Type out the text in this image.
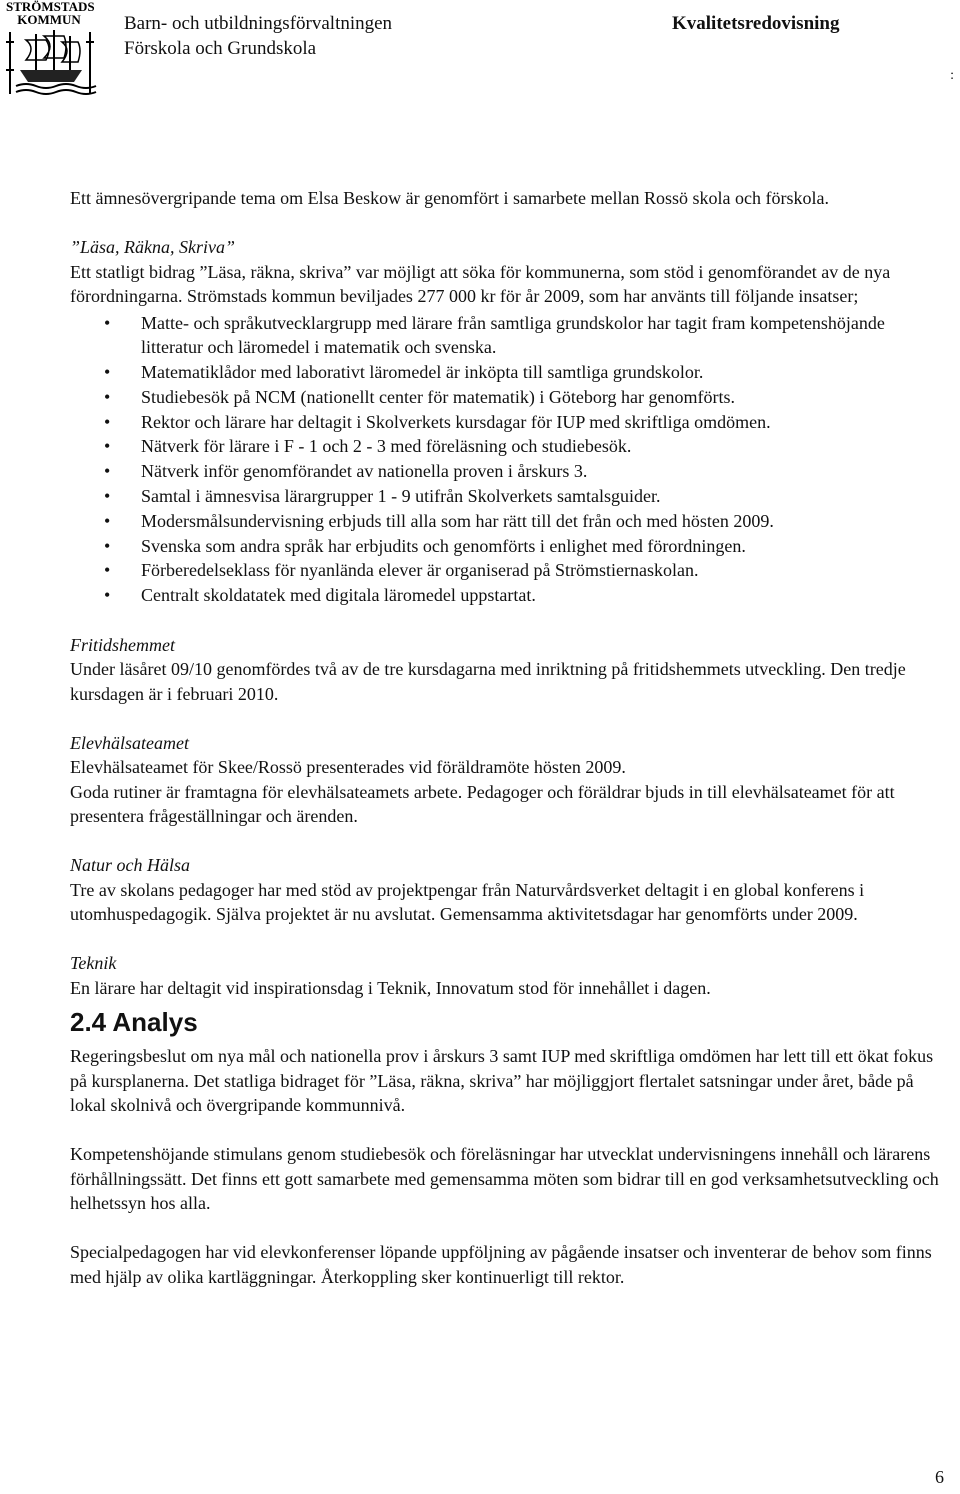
STRÖMSTADS
KOMMUN	Barn- och utbildningsförvaltningen
Förskola och Grundskola
Kvalitetsredovisning
:

Ett ämnesövergripande tema om Elsa Beskow är genomfört i samarbete mellan Rossö skola och förskola.

”Läsa, Räkna, Skriva”

Ett statligt bidrag ”Läsa, räkna, skriva” var möjligt att söka för kommunerna, som stöd i genomförandet av de nya förordningarna. Strömstads kommun beviljades 277 000 kr för år 2009, som har använts till följande insatser;

• Matte- och språkutvecklargrupp med lärare från samtliga grundskolor har tagit fram kompetenshöjande litteratur och läromedel i matematik och svenska.
• Matematiklådor med laborativt läromedel är inköpta till samtliga grundskolor.
• Studiebesök på NCM (nationellt center för matematik) i Göteborg har genomförts.
• Rektor och lärare har deltagit i Skolverkets kursdagar för IUP med skriftliga omdömen.
• Nätverk för lärare i F - 1 och 2 - 3 med föreläsning och studiebesök.
• Nätverk inför genomförandet av nationella proven i årskurs 3.
• Samtal i ämnesvisa lärargrupper 1 - 9 utifrån Skolverkets samtalsguider.
• Modersmålsundervisning erbjuds till alla som har rätt till det från och med hösten 2009.
• Svenska som andra språk har erbjudits och genomförts i enlighet med förordningen.
• Förberedelseklass för nyanlända elever är organiserad på Strömstiernaskolan.
• Centralt skoldatatek med digitala läromedel uppstartat.

Fritidshemmet

Under läsåret 09/10 genomfördes två av de tre kursdagarna med inriktning på fritidshemmets utveckling. Den tredje kursdagen är i februari 2010.

Elevhälsateamet

Elevhälsateamet för Skee/Rossö presenterades vid föräldramöte hösten 2009.

Goda rutiner är framtagna för elevhälsateamets arbete. Pedagoger och föräldrar bjuds in till elevhälsateamet för att presentera frågeställningar och ärenden.

Natur och Hälsa

Tre av skolans pedagoger har med stöd av projektpengar från Naturvårdsverket deltagit i en global konferens i utomhuspedagogik. Själva projektet är nu avslutat. Gemensamma aktivitetsdagar har genomförts under 2009.

Teknik

En lärare har deltagit vid inspirationsdag i Teknik, Innovatum stod för innehållet i dagen.

2.4 Analys

Regeringsbeslut om nya mål och nationella prov i årskurs 3 samt IUP med skriftliga omdömen har lett till ett ökat fokus på kursplanerna. Det statliga bidraget för ”Läsa, räkna, skriva” har möjliggjort flertalet satsningar under året, både på lokal skolnivå och övergripande kommunnivå.

Kompetenshöjande stimulans genom studiebesök och föreläsningar har utvecklat undervisningens innehåll och lärarens förhållningssätt. Det finns ett gott samarbete med gemensamma möten som bidrar till en god verksamhetsutveckling och helhetssyn hos alla.

Specialpedagogen har vid elevkonferenser löpande uppföljning av pågående insatser och inventerar de behov som finns med hjälp av olika kartläggningar. Återkoppling sker kontinuerligt till rektor.

6
